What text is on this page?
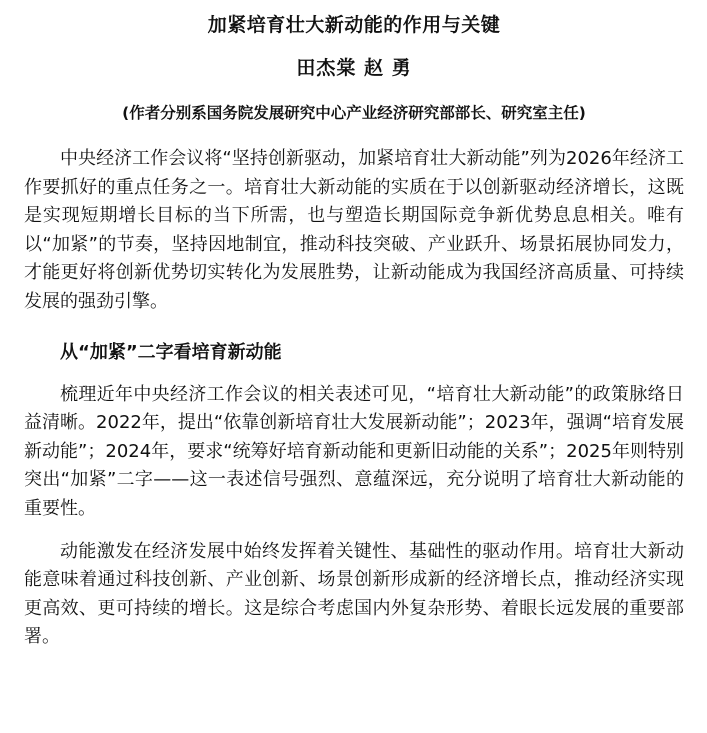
加紧培育壮大新动能的作用与关键
田杰棠 赵 勇
(作者分别系国务院发展研究中心产业经济研究部部长、研究室主任)

中央经济工作会议将“坚持创新驱动，加紧培育壮大新动能”列为2026年经济工作要抓好的重点任务之一。培育壮大新动能的实质在于以创新驱动经济增长，这既是实现短期增长目标的当下所需，也与塑造长期国际竞争新优势息息相关。唯有以“加紧”的节奏，坚持因地制宜，推动科技突破、产业跃升、场景拓展协同发力，才能更好将创新优势切实转化为发展胜势，让新动能成为我国经济高质量、可持续发展的强劲引擎。

从“加紧”二字看培育新动能

梳理近年中央经济工作会议的相关表述可见，“培育壮大新动能”的政策脉络日益清晰。2022年，提出“依靠创新培育壮大发展新动能”；2023年，强调“培育发展新动能”；2024年，要求“统筹好培育新动能和更新旧动能的关系”；2025年则特别突出“加紧”二字——这一表述信号强烈、意蕴深远，充分说明了培育壮大新动能的重要性。

动能激发在经济发展中始终发挥着关键性、基础性的驱动作用。培育壮大新动能意味着通过科技创新、产业创新、场景创新形成新的经济增长点，推动经济实现更高效、更可持续的增长。这是综合考虑国内外复杂形势、着眼长远发展的重要部署。
